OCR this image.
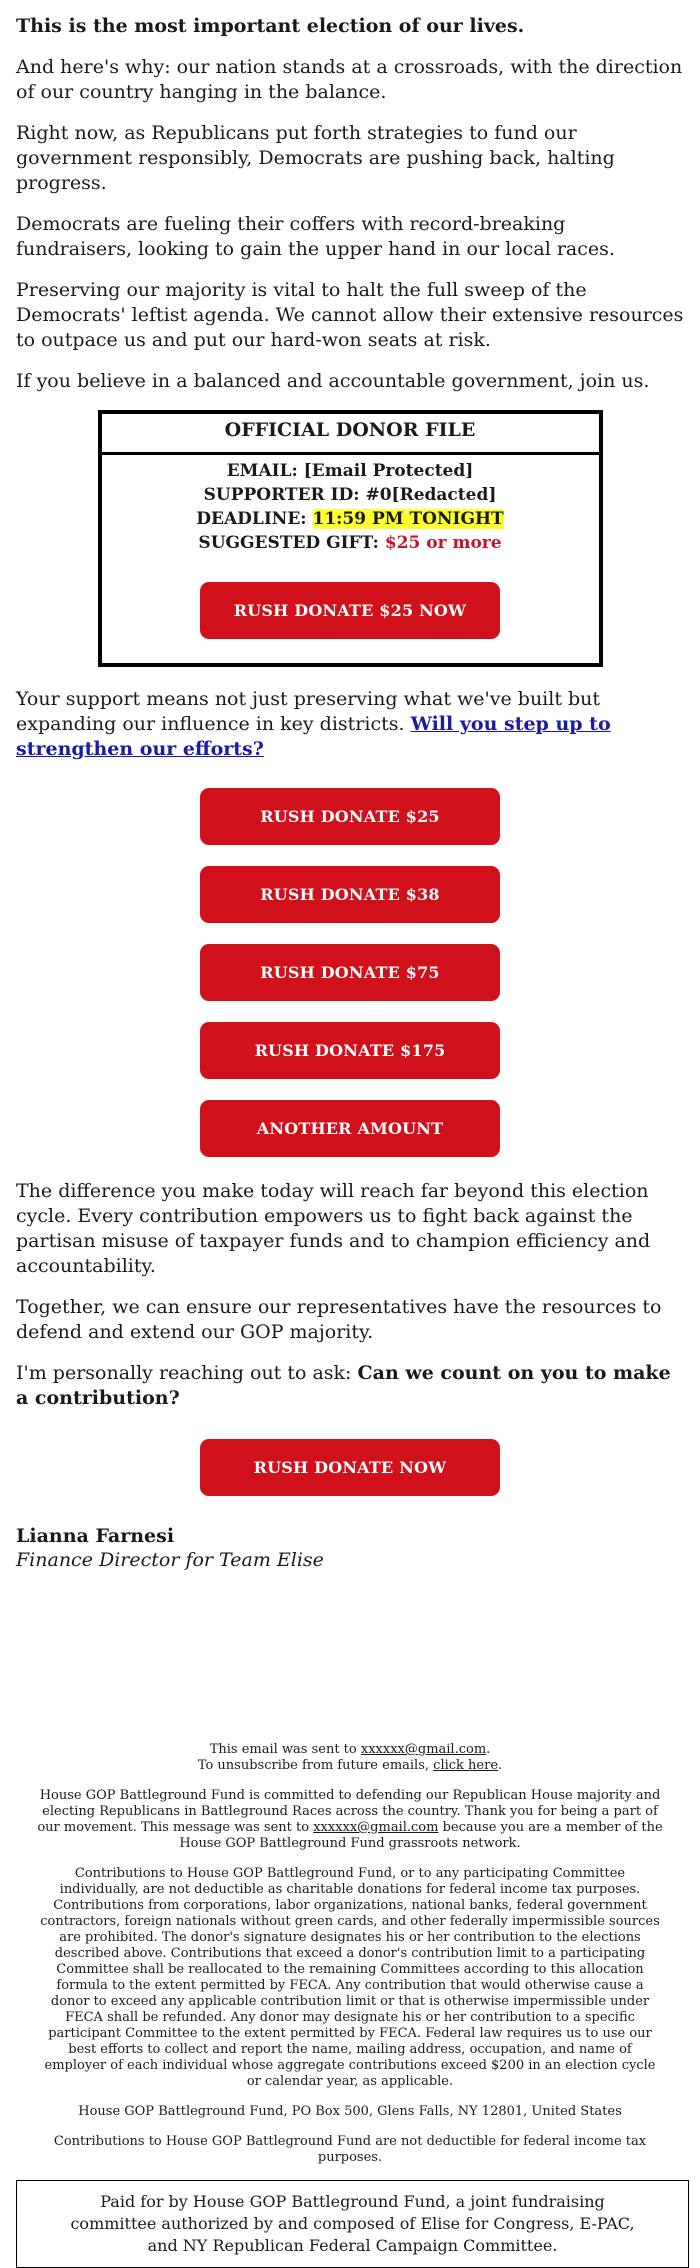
This is the most important election of our lives.

And here's why: our nation stands at a crossroads, with the direction of our country hanging in the balance.

Right now, as Republicans put forth strategies to fund our government responsibly, Democrats are pushing back, halting progress.

Democrats are fueling their coffers with record-breaking fundraisers, looking to gain the upper hand in our local races.

Preserving our majority is vital to halt the full sweep of the Democrats' leftist agenda. We cannot allow their extensive resources to outpace us and put our hard-won seats at risk.

If you believe in a balanced and accountable government, join us.

OFFICIAL DONOR FILE
EMAIL: [Email Protected]
SUPPORTER ID: #0[Redacted]
DEADLINE: 11:59 PM TONIGHT
SUGGESTED GIFT: $25 or more
RUSH DONATE $25 NOW

Your support means not just preserving what we've built but expanding our influence in key districts. Will you step up to strengthen our efforts?

RUSH DONATE $25
RUSH DONATE $38
RUSH DONATE $75
RUSH DONATE $175
ANOTHER AMOUNT

The difference you make today will reach far beyond this election cycle. Every contribution empowers us to fight back against the partisan misuse of taxpayer funds and to champion efficiency and accountability.

Together, we can ensure our representatives have the resources to defend and extend our GOP majority.

I'm personally reaching out to ask: Can we count on you to make a contribution?

RUSH DONATE NOW
Lianna Farnesi
Finance Director for Team Elise

This email was sent to xxxxxx@gmail.com.
To unsubscribe from future emails, click here.

House GOP Battleground Fund is committed to defending our Republican House majority and electing Republicans in Battleground Races across the country. Thank you for being a part of our movement. This message was sent to xxxxxx@gmail.com because you are a member of the House GOP Battleground Fund grassroots network.

Contributions to House GOP Battleground Fund, or to any participating Committee individually, are not deductible as charitable donations for federal income tax purposes. Contributions from corporations, labor organizations, national banks, federal government contractors, foreign nationals without green cards, and other federally impermissible sources are prohibited. The donor's signature designates his or her contribution to the elections described above. Contributions that exceed a donor's contribution limit to a participating Committee shall be reallocated to the remaining Committees according to this allocation formula to the extent permitted by FECA. Any contribution that would otherwise cause a donor to exceed any applicable contribution limit or that is otherwise impermissible under FECA shall be refunded. Any donor may designate his or her contribution to a specific participant Committee to the extent permitted by FECA. Federal law requires us to use our best efforts to collect and report the name, mailing address, occupation, and name of employer of each individual whose aggregate contributions exceed $200 in an election cycle or calendar year, as applicable.

House GOP Battleground Fund, PO Box 500, Glens Falls, NY 12801, United States

Contributions to House GOP Battleground Fund are not deductible for federal income tax purposes.

Paid for by House GOP Battleground Fund, a joint fundraising committee authorized by and composed of Elise for Congress, E-PAC, and NY Republican Federal Campaign Committee.
